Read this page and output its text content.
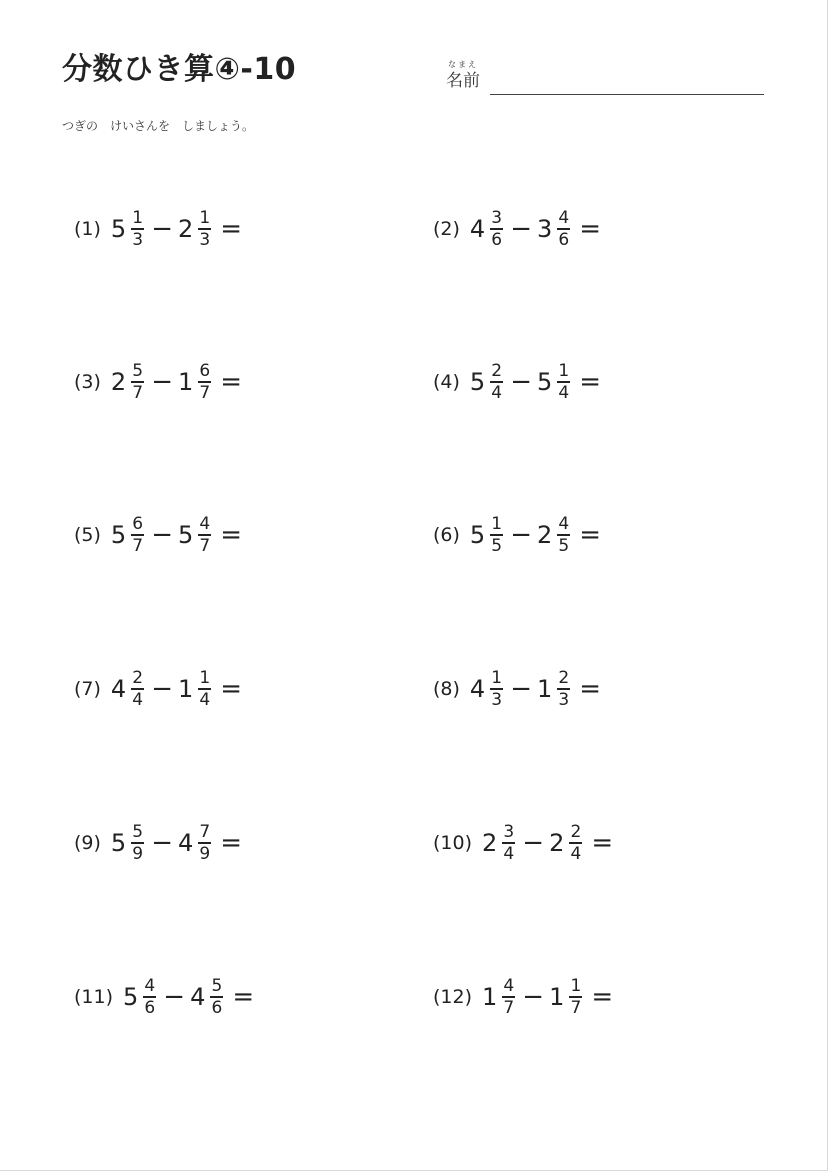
分数ひき算④-10	なまえ
名前
つぎの　けいさんを　しましょう。
(1) $5 \frac{1}{3} - 2 \frac{1}{3}$ =	(2) $4 \frac{3}{6} - 3 \frac{4}{6}$ =
(3) $2 \frac{5}{7} - 1 \frac{6}{7}$ =	(4) $5 \frac{2}{4} - 5 \frac{1}{4}$ =
(5) $5 \frac{6}{7} - 5 \frac{4}{7}$ =	(6) $5 \frac{1}{5} - 2 \frac{4}{5}$ =
(7) $4 \frac{2}{4} - 1 \frac{1}{4}$ =	(8) $4 \frac{1}{3} - 1 \frac{2}{3}$ =
(9) $5 \frac{5}{9} - 4 \frac{7}{9}$ =	(10) $2 \frac{3}{4} - 2 \frac{2}{4}$ =
(11) $5 \frac{4}{6} - 4 \frac{5}{6}$ =	(12) $1 \frac{4}{7} - 1 \frac{1}{7}$ =
